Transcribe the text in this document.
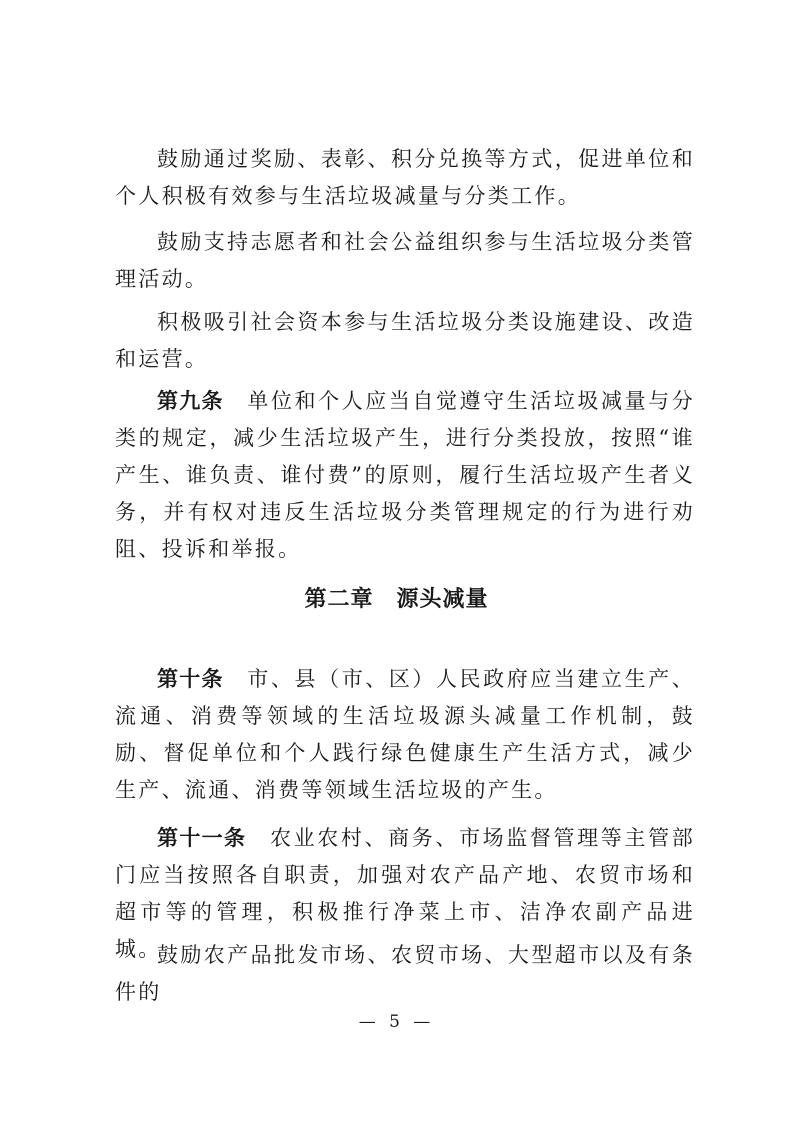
鼓励通过奖励、表彰、积分兑换等方式，促进单位和个人积极有效参与生活垃圾减量与分类工作。

鼓励支持志愿者和社会公益组织参与生活垃圾分类管理活动。

积极吸引社会资本参与生活垃圾分类设施建设、改造和运营。

第九条　单位和个人应当自觉遵守生活垃圾减量与分类的规定，减少生活垃圾产生，进行分类投放，按照“谁产生、谁负责、谁付费”的原则，履行生活垃圾产生者义务，并有权对违反生活垃圾分类管理规定的行为进行劝阻、投诉和举报。

第二章　源头减量

第十条　市、县（市、区）人民政府应当建立生产、流通、消费等领域的生活垃圾源头减量工作机制，鼓励、督促单位和个人践行绿色健康生产生活方式，减少生产、流通、消费等领域生活垃圾的产生。

第十一条　农业农村、商务、市场监督管理等主管部门应当按照各自职责，加强对农产品产地、农贸市场和超市等的管理，积极推行净菜上市、洁净农副产品进城。

鼓励农产品批发市场、农贸市场、大型超市以及有条件的

— 5 —
